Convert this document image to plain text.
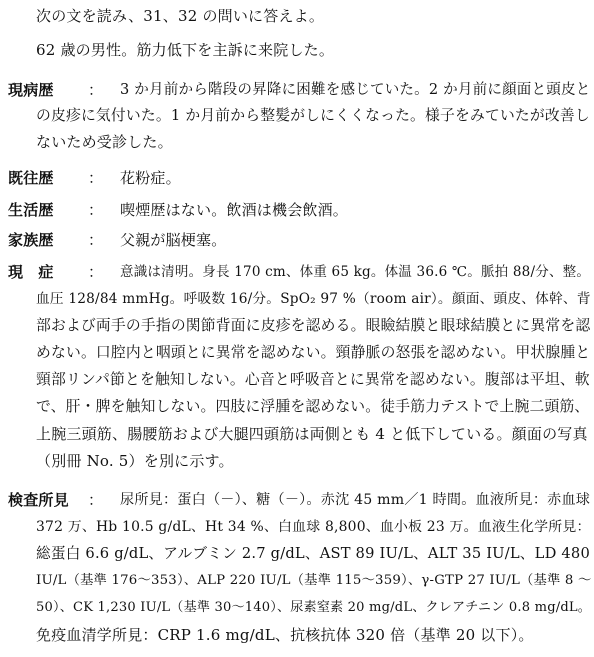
次の文を読み、31、32 の問いに答えよ。
62 歳の男性。筋力低下を主訴に来院した。
現病歴 ： 3 か月前から階段の昇降に困難を感じていた。2 か月前に顔面と頭皮と
の皮疹に気付いた。1 か月前から整髪がしにくくなった。様子をみていたが改善し
ないため受診した。
既往歴 ： 花粉症。
生活歴 ： 喫煙歴はない。飲酒は機会飲酒。
家族歴 ： 父親が脳梗塞。
現　症 ： 意識は清明。身長 170 cm、体重 65 kg。体温 36.6 ℃。脈拍 88/分、整。
血圧 128/84 mmHg。呼吸数 16/分。SpO₂ 97 %（room air）。顔面、頭皮、体幹、背
部および両手の手指の関節背面に皮疹を認める。眼瞼結膜と眼球結膜とに異常を認
めない。口腔内と咽頭とに異常を認めない。頸静脈の怒張を認めない。甲状腺腫と
頸部リンパ節とを触知しない。心音と呼吸音とに異常を認めない。腹部は平坦、軟
で、肝・脾を触知しない。四肢に浮腫を認めない。徒手筋力テストで上腕二頭筋、
上腕三頭筋、腸腰筋および大腿四頭筋は両側とも 4 と低下している。顔面の写真
（別冊 No. 5）を別に示す。
検査所見 ： 尿所見：蛋白（－）、糖（－）。赤沈 45 mm／1 時間。血液所見：赤血球
372 万、Hb 10.5 g/dL、Ht 34 %、白血球 8,800、血小板 23 万。血液生化学所見：
総蛋白 6.6 g/dL、アルブミン 2.7 g/dL、AST 89 IU/L、ALT 35 IU/L、LD 480
IU/L（基準 176～353）、ALP 220 IU/L（基準 115～359）、γ-GTP 27 IU/L（基準 8 ～
50）、CK 1,230 IU/L（基準 30～140）、尿素窒素 20 mg/dL、クレアチニン 0.8 mg/dL。
免疫血清学所見：CRP 1.6 mg/dL、抗核抗体 320 倍（基準 20 以下）。
